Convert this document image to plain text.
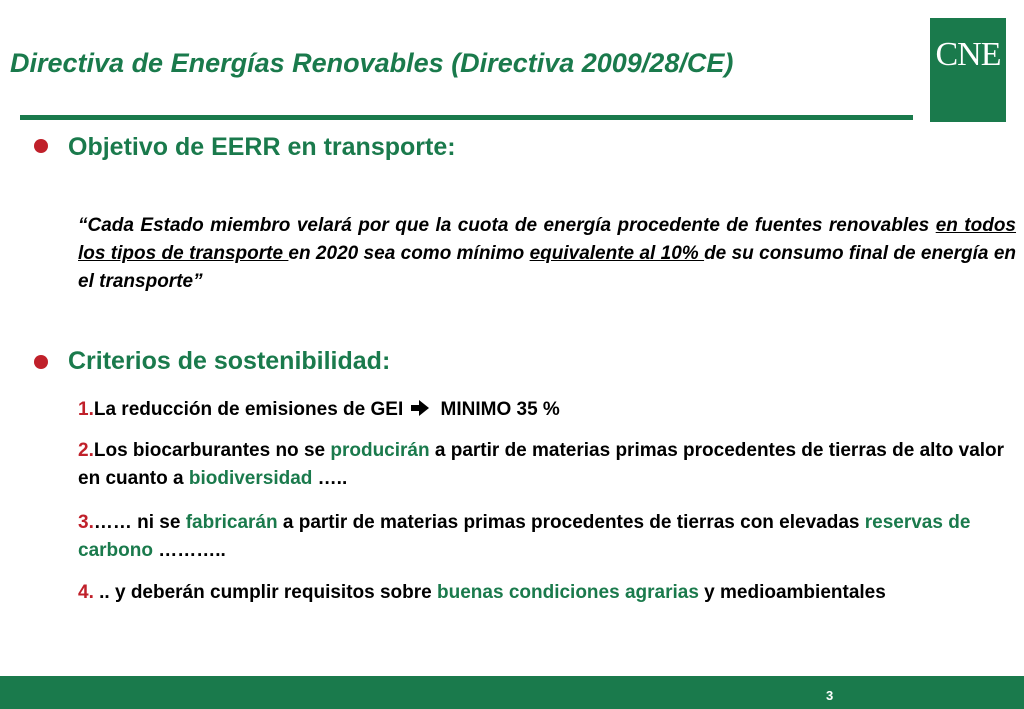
Directiva de Energías Renovables (Directiva 2009/28/CE)	CNE
Objetivo de EERR en transporte:
“Cada Estado miembro velará por que la cuota de energía procedente de fuentes renovables en todos los tipos de transporte en 2020 sea como mínimo equivalente al 10% de su consumo final de energía en el transporte”
Criterios de sostenibilidad:
1.La reducción de emisiones de GEI MINIMO 35 %
2.Los biocarburantes no se producirán a partir de materias primas procedentes de tierras de alto valor en cuanto a biodiversidad …..
3.…… ni se fabricarán a partir de materias primas procedentes de tierras con elevadas reservas de carbono ………..
4. .. y deberán cumplir requisitos sobre buenas condiciones agrarias y medioambientales
3
